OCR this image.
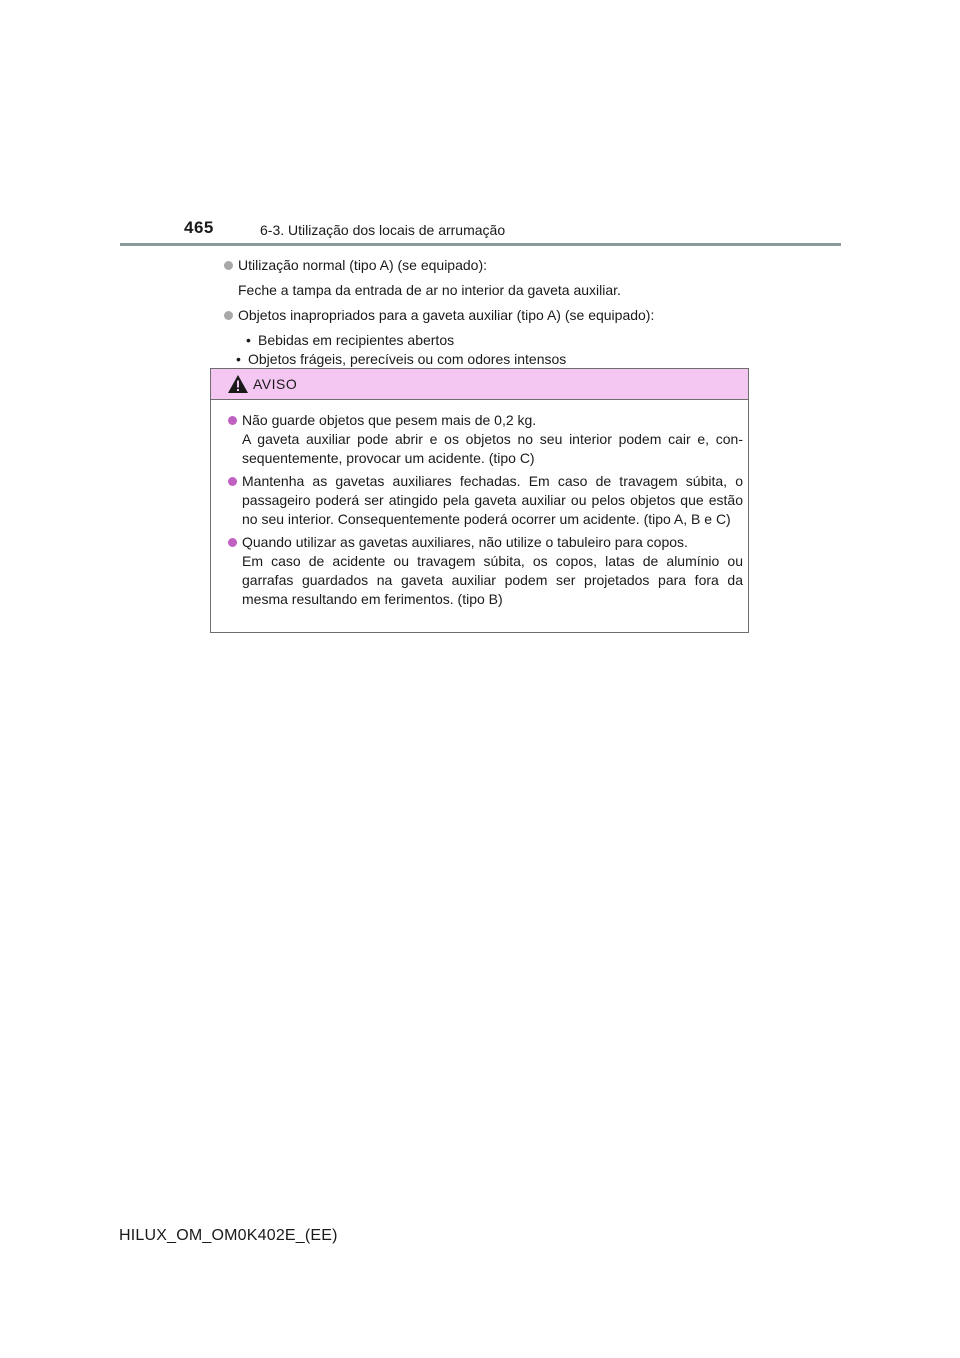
465	6-3. Utilização dos locais de arrumação
Utilização normal (tipo A) (se equipado):
Feche a tampa da entrada de ar no interior da gaveta auxiliar.
Objetos inapropriados para a gaveta auxiliar (tipo A) (se equipado):
• Bebidas em recipientes abertos
• Objetos frágeis, perecíveis ou com odores intensos
AVISO
Não guarde objetos que pesem mais de 0,2 kg.
A gaveta auxiliar pode abrir e os objetos no seu interior podem cair e, con-sequentemente, provocar um acidente. (tipo C)
Mantenha as gavetas auxiliares fechadas. Em caso de travagem súbita, o passageiro poderá ser atingido pela gaveta auxiliar ou pelos objetos que estão no seu interior. Consequentemente poderá ocorrer um acidente. (tipo A, B e C)
Quando utilizar as gavetas auxiliares, não utilize o tabuleiro para copos.
Em caso de acidente ou travagem súbita, os copos, latas de alumínio ou garrafas guardados na gaveta auxiliar podem ser projetados para fora da mesma resultando em ferimentos. (tipo B)
HILUX_OM_OM0K402E_(EE)
